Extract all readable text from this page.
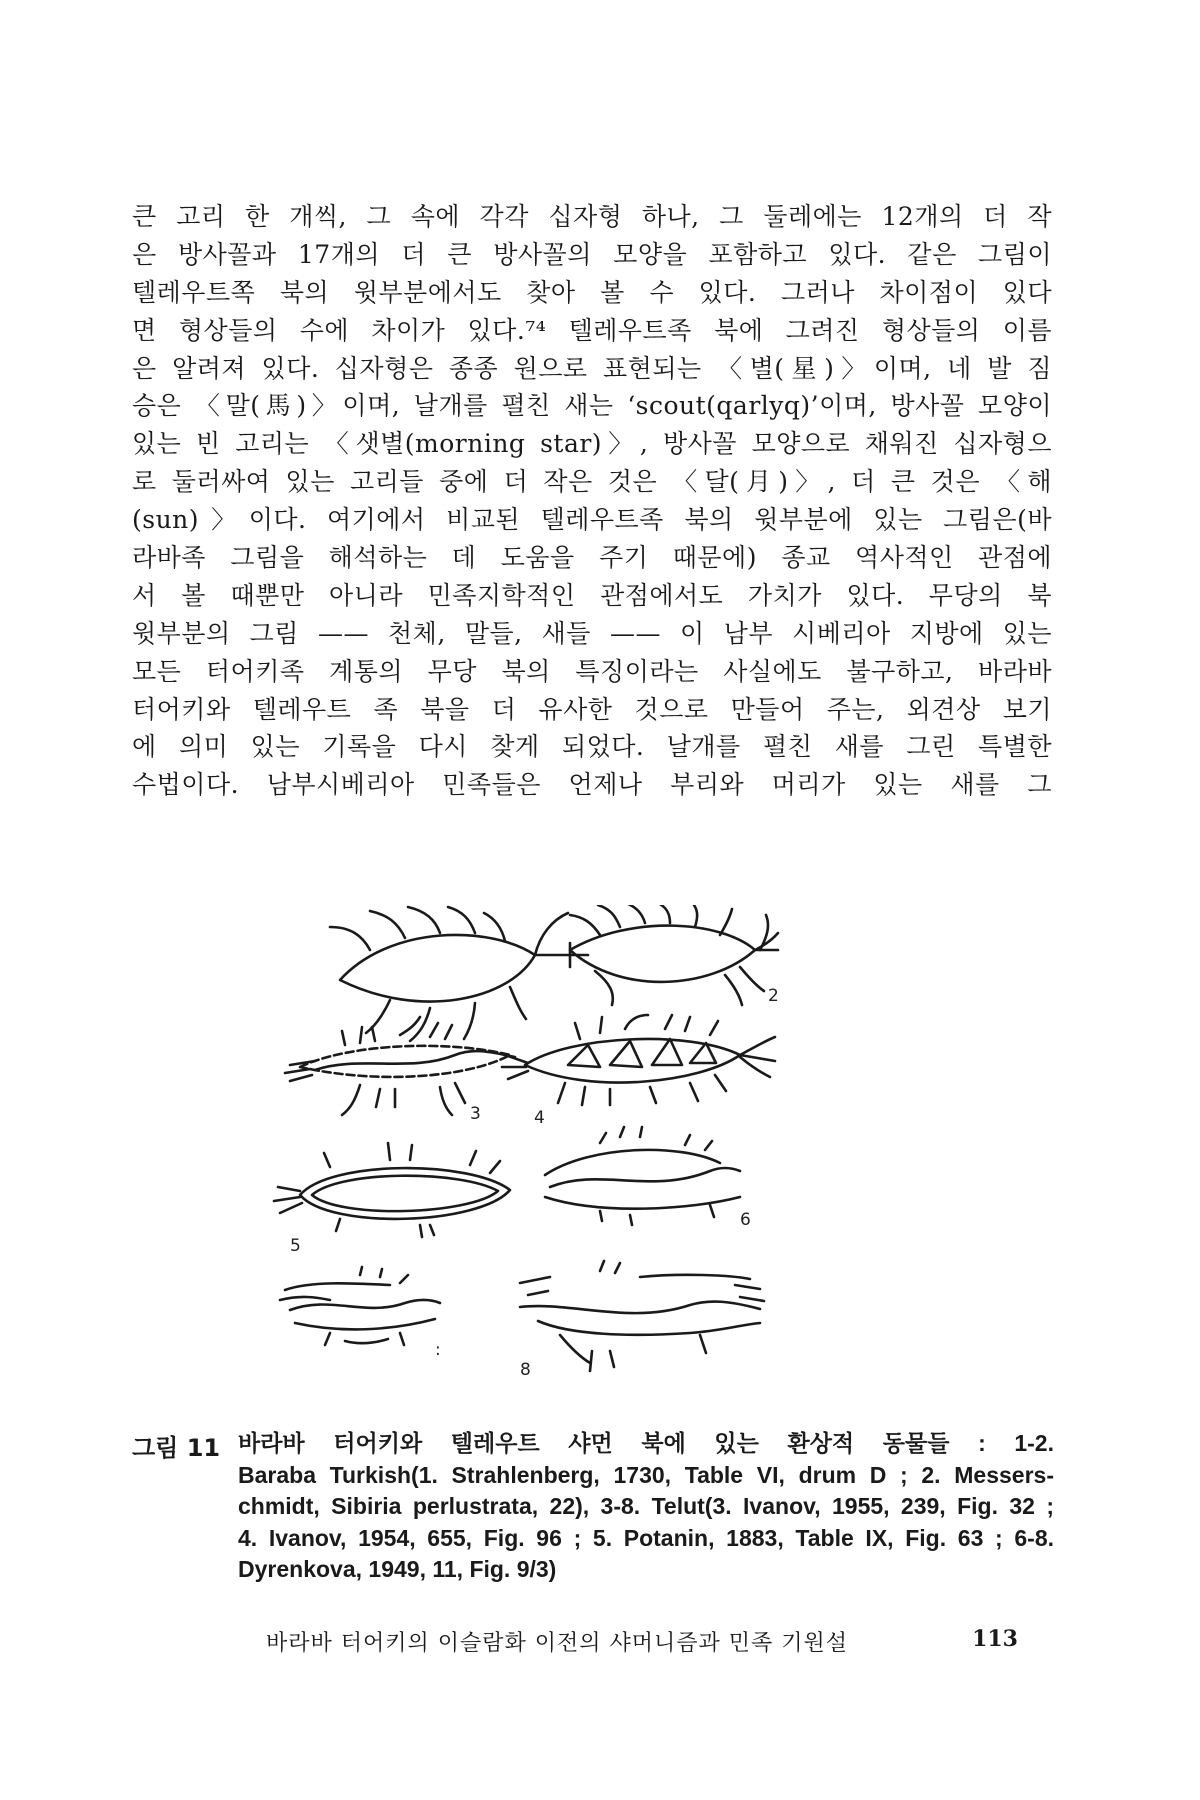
큰 고리 한 개씩, 그 속에 각각 십자형 하나, 그 둘레에는 12개의 더 작
은 방사꼴과 17개의 더 큰 방사꼴의 모양을 포함하고 있다. 같은 그림이
텔레우트쪽 북의 윗부분에서도 찾아 볼 수 있다. 그러나 차이점이 있다
면 형상들의 수에 차이가 있다.⁷⁴ 텔레우트족 북에 그려진 형상들의 이름
은 알려져 있다. 십자형은 종종 원으로 표현되는 〈별(星)〉이며, 네 발 짐
승은 〈말(馬)〉이며, 날개를 펼친 새는 ‘scout(qarlyq)’이며, 방사꼴 모양이
있는 빈 고리는 〈샛별(morning star)〉, 방사꼴 모양으로 채워진 십자형으
로 둘러싸여 있는 고리들 중에 더 작은 것은 〈달(月)〉, 더 큰 것은 〈해
(sun)〉이다. 여기에서 비교된 텔레우트족 북의 윗부분에 있는 그림은(바
라바족 그림을 해석하는 데 도움을 주기 때문에) 종교 역사적인 관점에
서 볼 때뿐만 아니라 민족지학적인 관점에서도 가치가 있다. 무당의 북
윗부분의 그림 —— 천체, 말들, 새들 —— 이 남부 시베리아 지방에 있는
모든 터어키족 계통의 무당 북의 특징이라는 사실에도 불구하고, 바라바
터어키와 텔레우트 족 북을 더 유사한 것으로 만들어 주는, 외견상 보기
에 의미 있는 기록을 다시 찾게 되었다. 날개를 펼친 새를 그린 특별한
수법이다. 남부시베리아 민족들은 언제나 부리와 머리가 있는 새를 그
2
3	4
5
6
:
8
그림 11 바라바 터어키와 텔레우트 샤먼 북에 있는 환상적 동물들 : 1-2.
Baraba Turkish(1. Strahlenberg, 1730, Table VI, drum D ; 2. Messers-
chmidt, Sibiria perlustrata, 22), 3-8. Telut(3. Ivanov, 1955, 239, Fig. 32 ;
4. Ivanov, 1954, 655, Fig. 96 ; 5. Potanin, 1883, Table IX, Fig. 63 ; 6-8.
Dyrenkova, 1949, 11, Fig. 9/3)
바라바 터어키의 이슬람화 이전의 샤머니즘과 민족 기원설	113
